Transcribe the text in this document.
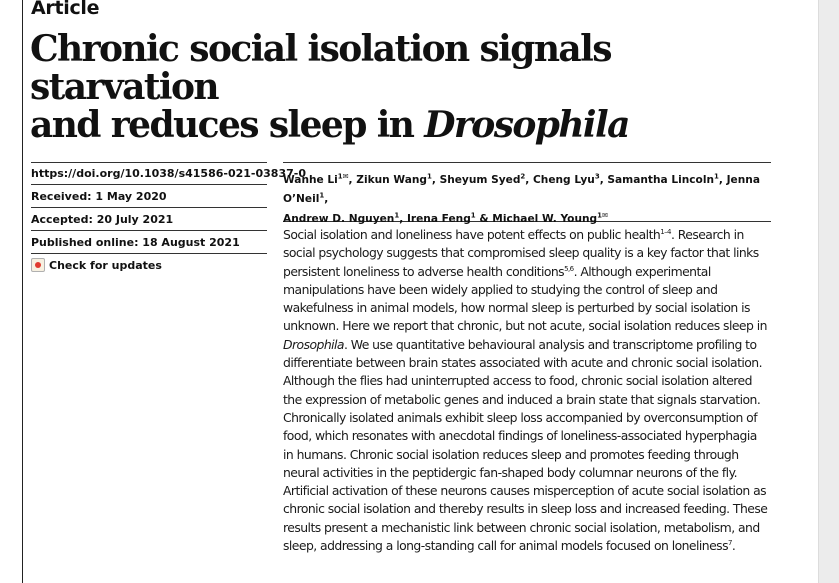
Article
Chronic social isolation signals starvation
and reduces sleep in Drosophila
https://doi.org/10.1038/s41586-021-03837-0
Received: 1 May 2020
Accepted: 20 July 2021
Published online: 18 August 2021
Check for updates
Wanhe $Li^{1✉}$, Zikun Wang$^1$, Sheyum Syed$^2$, Cheng Lyu$^3$, Samantha Lincoln$^1$, Jenna O’Neil$^1$,
Andrew D. Nguyen$^1$, Irena Feng$^1$ & Michael W. Young$^{1✉}$

Social isolation and loneliness have potent effects on public health$^{1-4}$. Research in social psychology suggests that compromised sleep quality is a key factor that links persistent loneliness to adverse health conditions$^{5,6}$. Although experimental manipulations have been widely applied to studying the control of sleep and wakefulness in animal models, how normal sleep is perturbed by social isolation is unknown. Here we report that chronic, but not acute, social isolation reduces sleep in Drosophila. We use quantitative behavioural analysis and transcriptome profiling to differentiate between brain states associated with acute and chronic social isolation. Although the flies had uninterrupted access to food, chronic social isolation altered the expression of metabolic genes and induced a brain state that signals starvation. Chronically isolated animals exhibit sleep loss accompanied by overconsumption of food, which resonates with anecdotal findings of loneliness-associated hyperphagia in humans. Chronic social isolation reduces sleep and promotes feeding through neural activities in the peptidergic fan-shaped body columnar neurons of the fly. Artificial activation of these neurons causes misperception of acute social isolation as chronic social isolation and thereby results in sleep loss and increased feeding. These results present a mechanistic link between chronic social isolation, metabolism, and sleep, addressing a long-standing call for animal models focused on loneliness$^7$.
